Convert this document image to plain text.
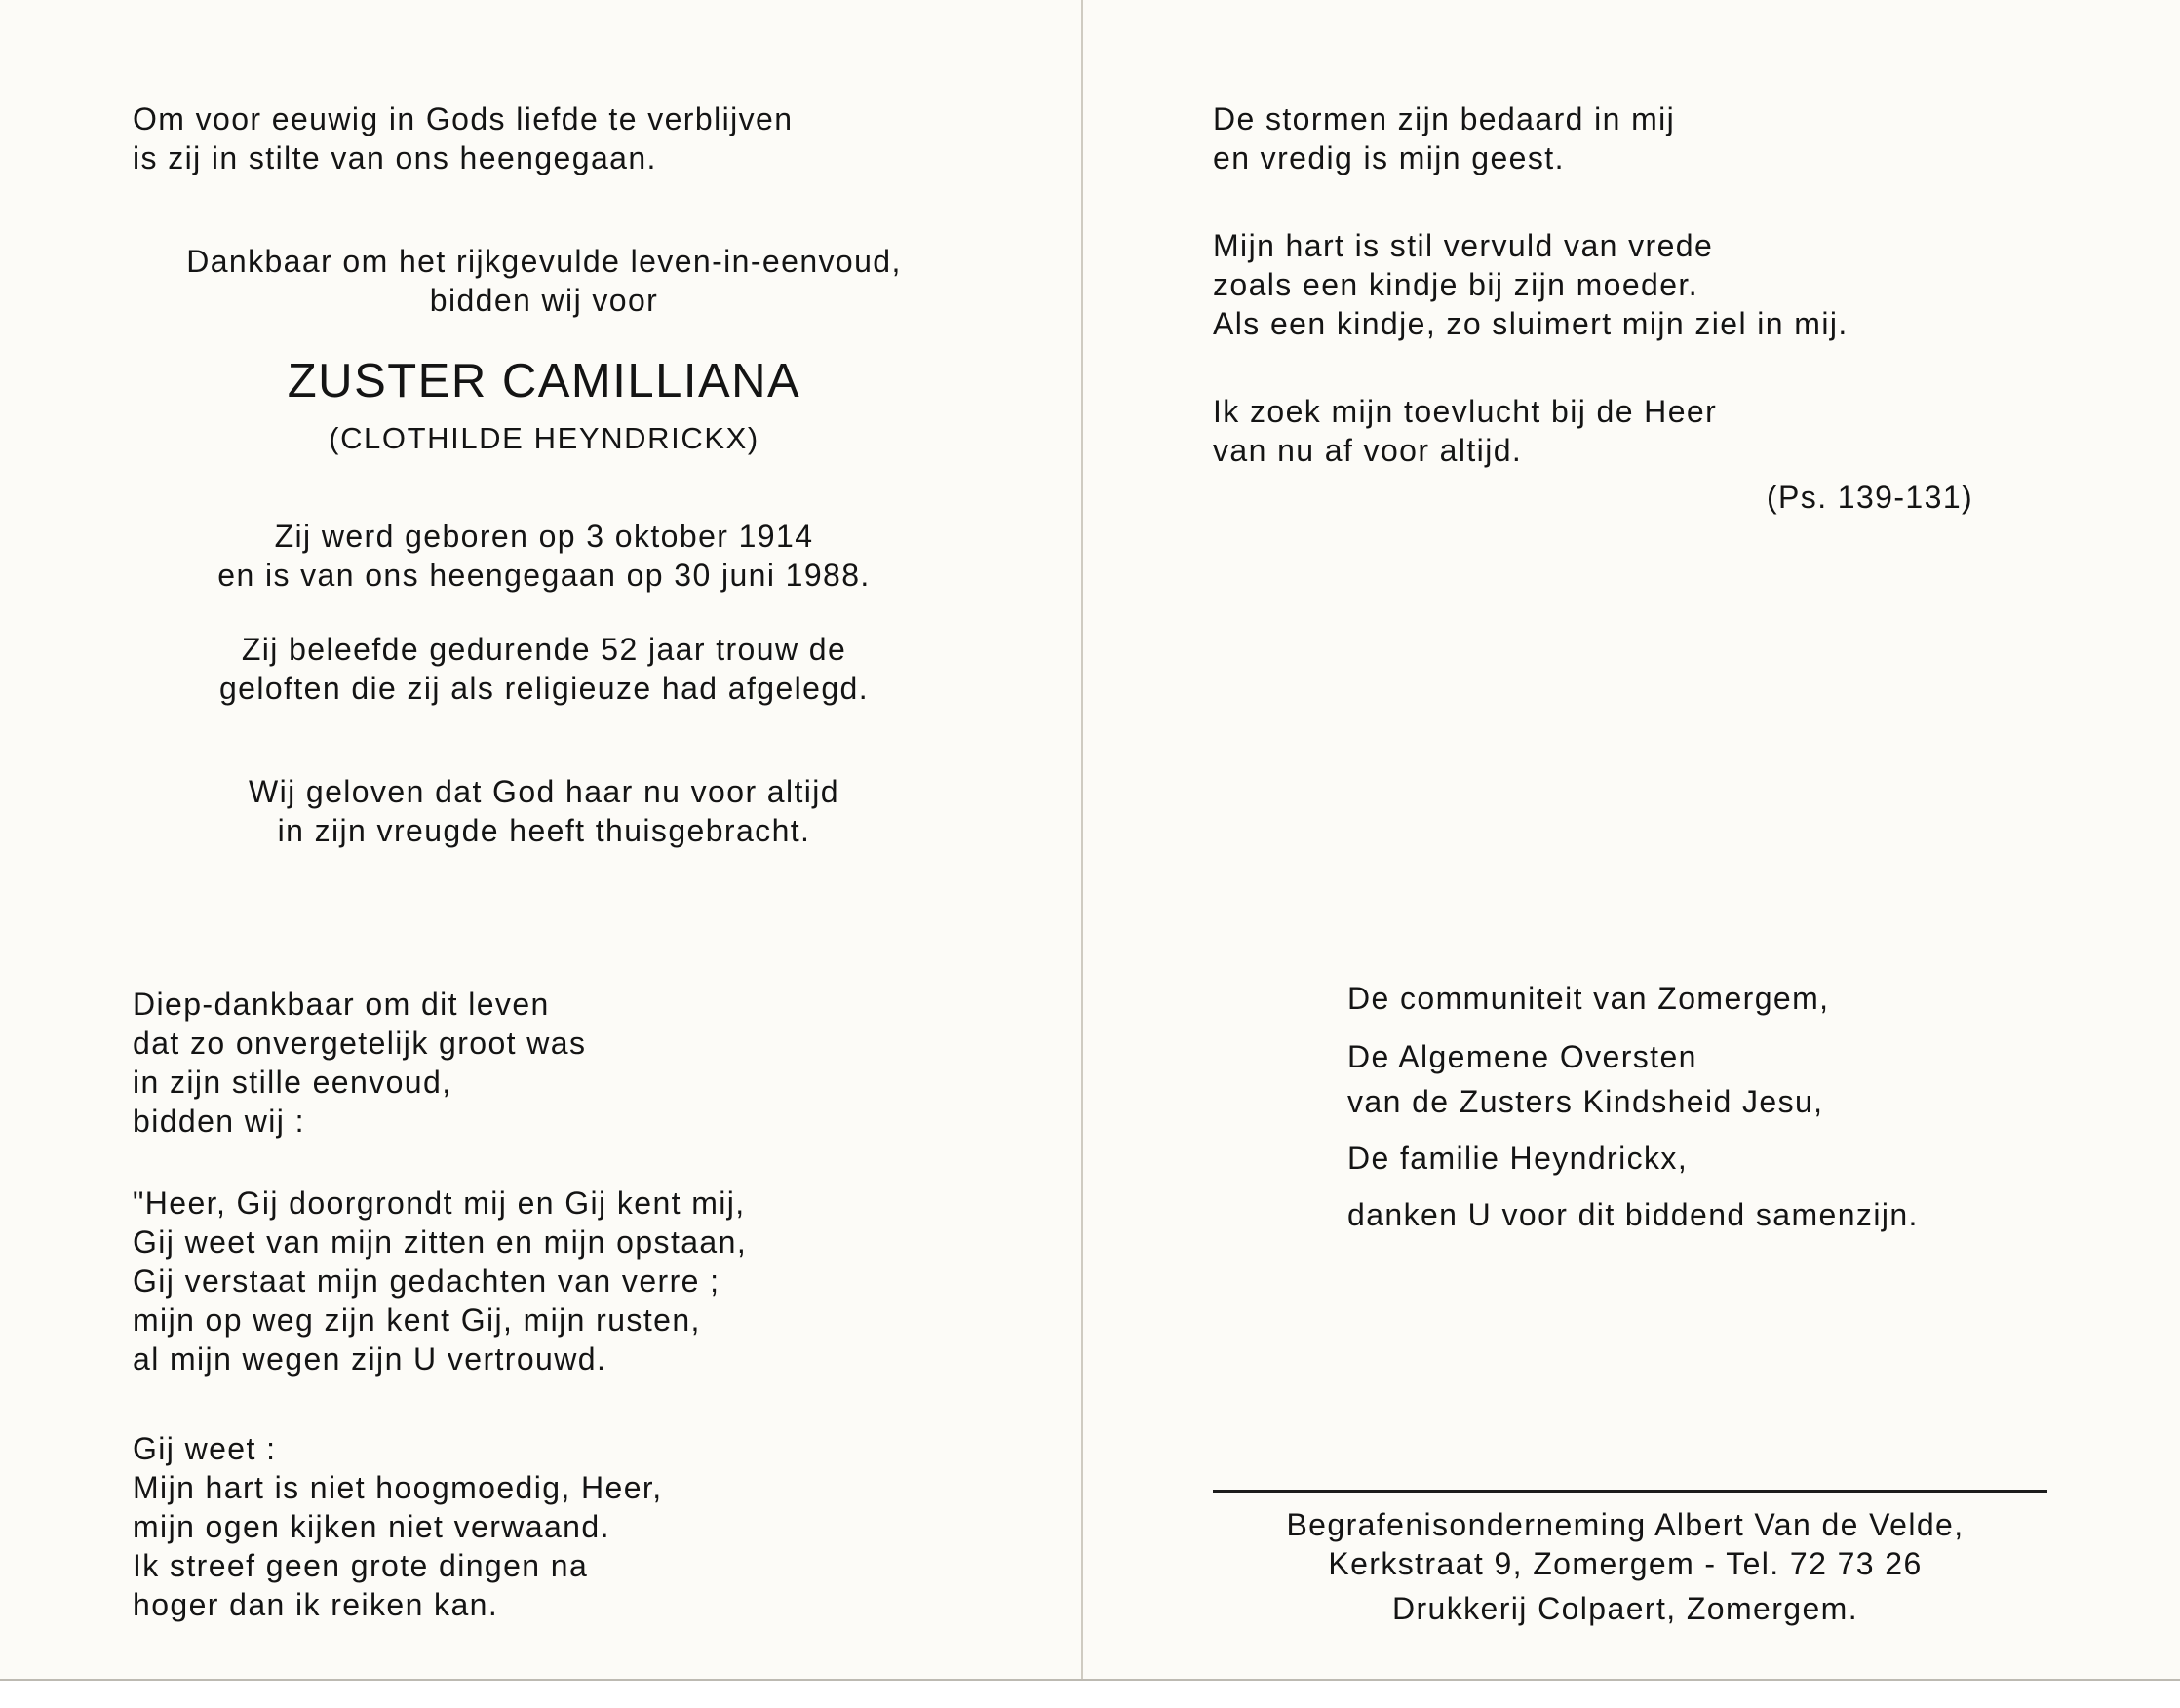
Om voor eeuwig in Gods liefde te verblijven
is zij in stilte van ons heengegaan.
Dankbaar om het rijkgevulde leven-in-eenvoud,
bidden wij voor
ZUSTER CAMILLIANA
(CLOTHILDE HEYNDRICKX)
Zij werd geboren op 3 oktober 1914
en is van ons heengegaan op 30 juni 1988.
Zij beleefde gedurende 52 jaar trouw de
geloften die zij als religieuze had afgelegd.
Wij geloven dat God haar nu voor altijd
in zijn vreugde heeft thuisgebracht.
Diep-dankbaar om dit leven
dat zo onvergetelijk groot was
in zijn stille eenvoud,
bidden wij :
"Heer, Gij doorgrondt mij en Gij kent mij,
Gij weet van mijn zitten en mijn opstaan,
Gij verstaat mijn gedachten van verre ;
mijn op weg zijn kent Gij, mijn rusten,
al mijn wegen zijn U vertrouwd.
Gij weet :
Mijn hart is niet hoogmoedig, Heer,
mijn ogen kijken niet verwaand.
Ik streef geen grote dingen na
hoger dan ik reiken kan.
De stormen zijn bedaard in mij
en vredig is mijn geest.
Mijn hart is stil vervuld van vrede
zoals een kindje bij zijn moeder.
Als een kindje, zo sluimert mijn ziel in mij.
Ik zoek mijn toevlucht bij de Heer
van nu af voor altijd.
(Ps. 139-131)
De communiteit van Zomergem,
De Algemene Oversten
van de Zusters Kindsheid Jesu,
De familie Heyndrickx,
danken U voor dit biddend samenzijn.
Begrafenisonderneming Albert Van de Velde,
Kerkstraat 9, Zomergem - Tel. 72 73 26
Drukkerij Colpaert, Zomergem.
